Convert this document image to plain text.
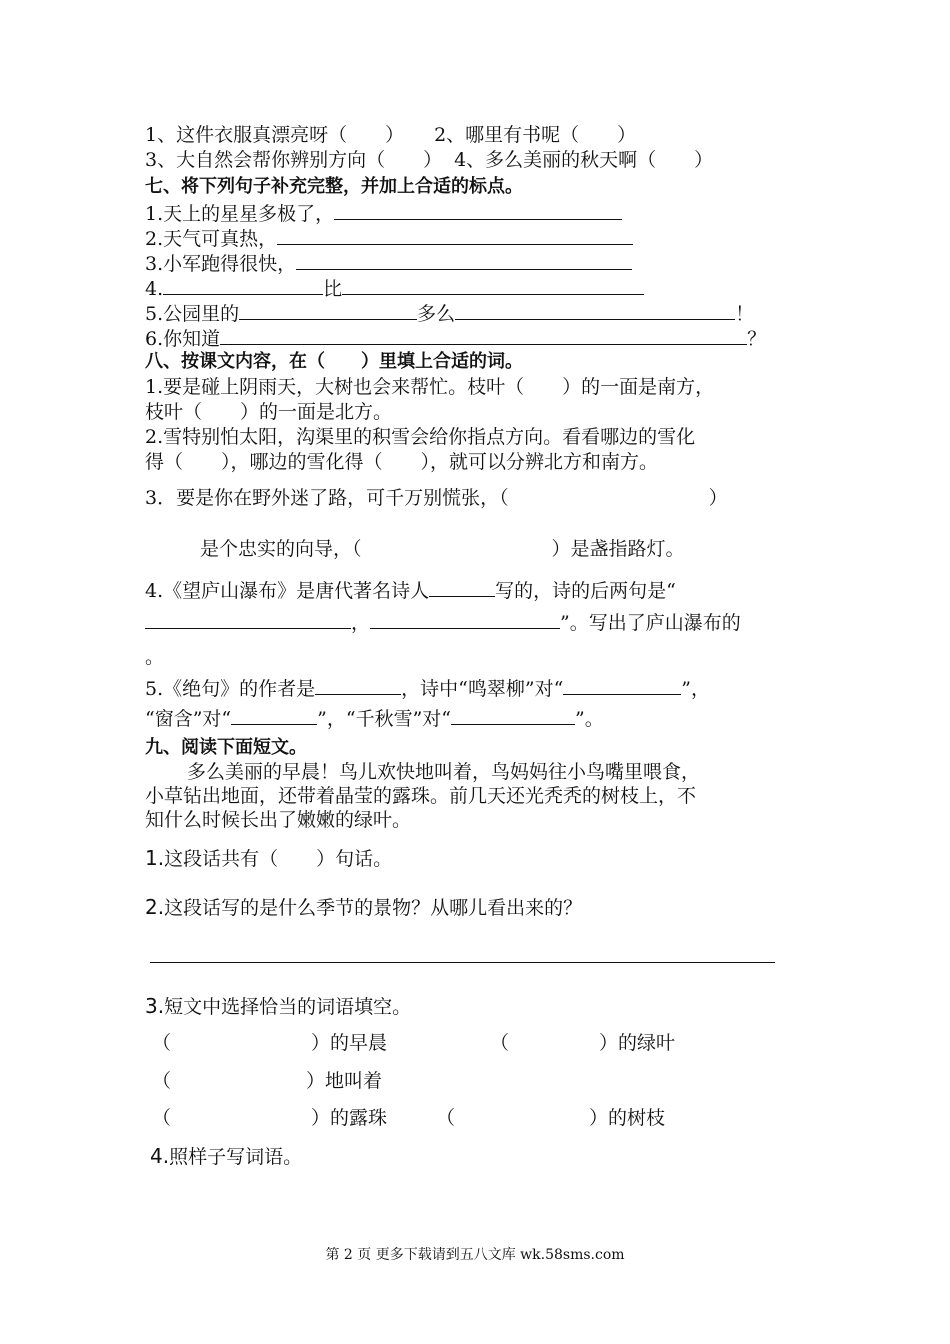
1、这件衣服真漂亮呀（　　） 2、哪里有书呢（　　）
3、大自然会帮你辨别方向（　　） 4、多么美丽的秋天啊（　　）
七、将下列句子补充完整，并加上合适的标点。
1.天上的星星多极了，
2.天气可真热，
3.小军跑得很快，
4.	比
5.公园里的	多么	！
6.你知道	？
八、按课文内容，在（　　）里填上合适的词。
1.要是碰上阴雨天，大树也会来帮忙。枝叶（　　）的一面是南方，
枝叶（　　）的一面是北方。
2.雪特别怕太阳，沟渠里的积雪会给你指点方向。看看哪边的雪化
得（　　），哪边的雪化得（　　），就可以分辨北方和南方。
3．要是你在野外迷了路，可千万别慌张，（	）
是个忠实的向导，（	）是盏指路灯。
4.《望庐山瀑布》是唐代著名诗人	写的，诗的后两句是“
，	”。写出了庐山瀑布的
。
5.《绝句》的作者是	，诗中“鸣翠柳”对“	”，
“窗含”对“	”，“千秋雪”对“	”。
九、阅读下面短文。
多么美丽的早晨！鸟儿欢快地叫着，鸟妈妈往小鸟嘴里喂食，
小草钻出地面，还带着晶莹的露珠。前几天还光秃秃的树枝上，不
知什么时候长出了嫩嫩的绿叶。
1.这段话共有（　　）句话。
2.这段话写的是什么季节的景物？从哪儿看出来的？
3.短文中选择恰当的词语填空。
（	）的早晨	（	）的绿叶
（	）地叫着
（	）的露珠	（	）的树枝
4.照样子写词语。
第 2 页 更多下载请到五八文库 wk.58sms.com
